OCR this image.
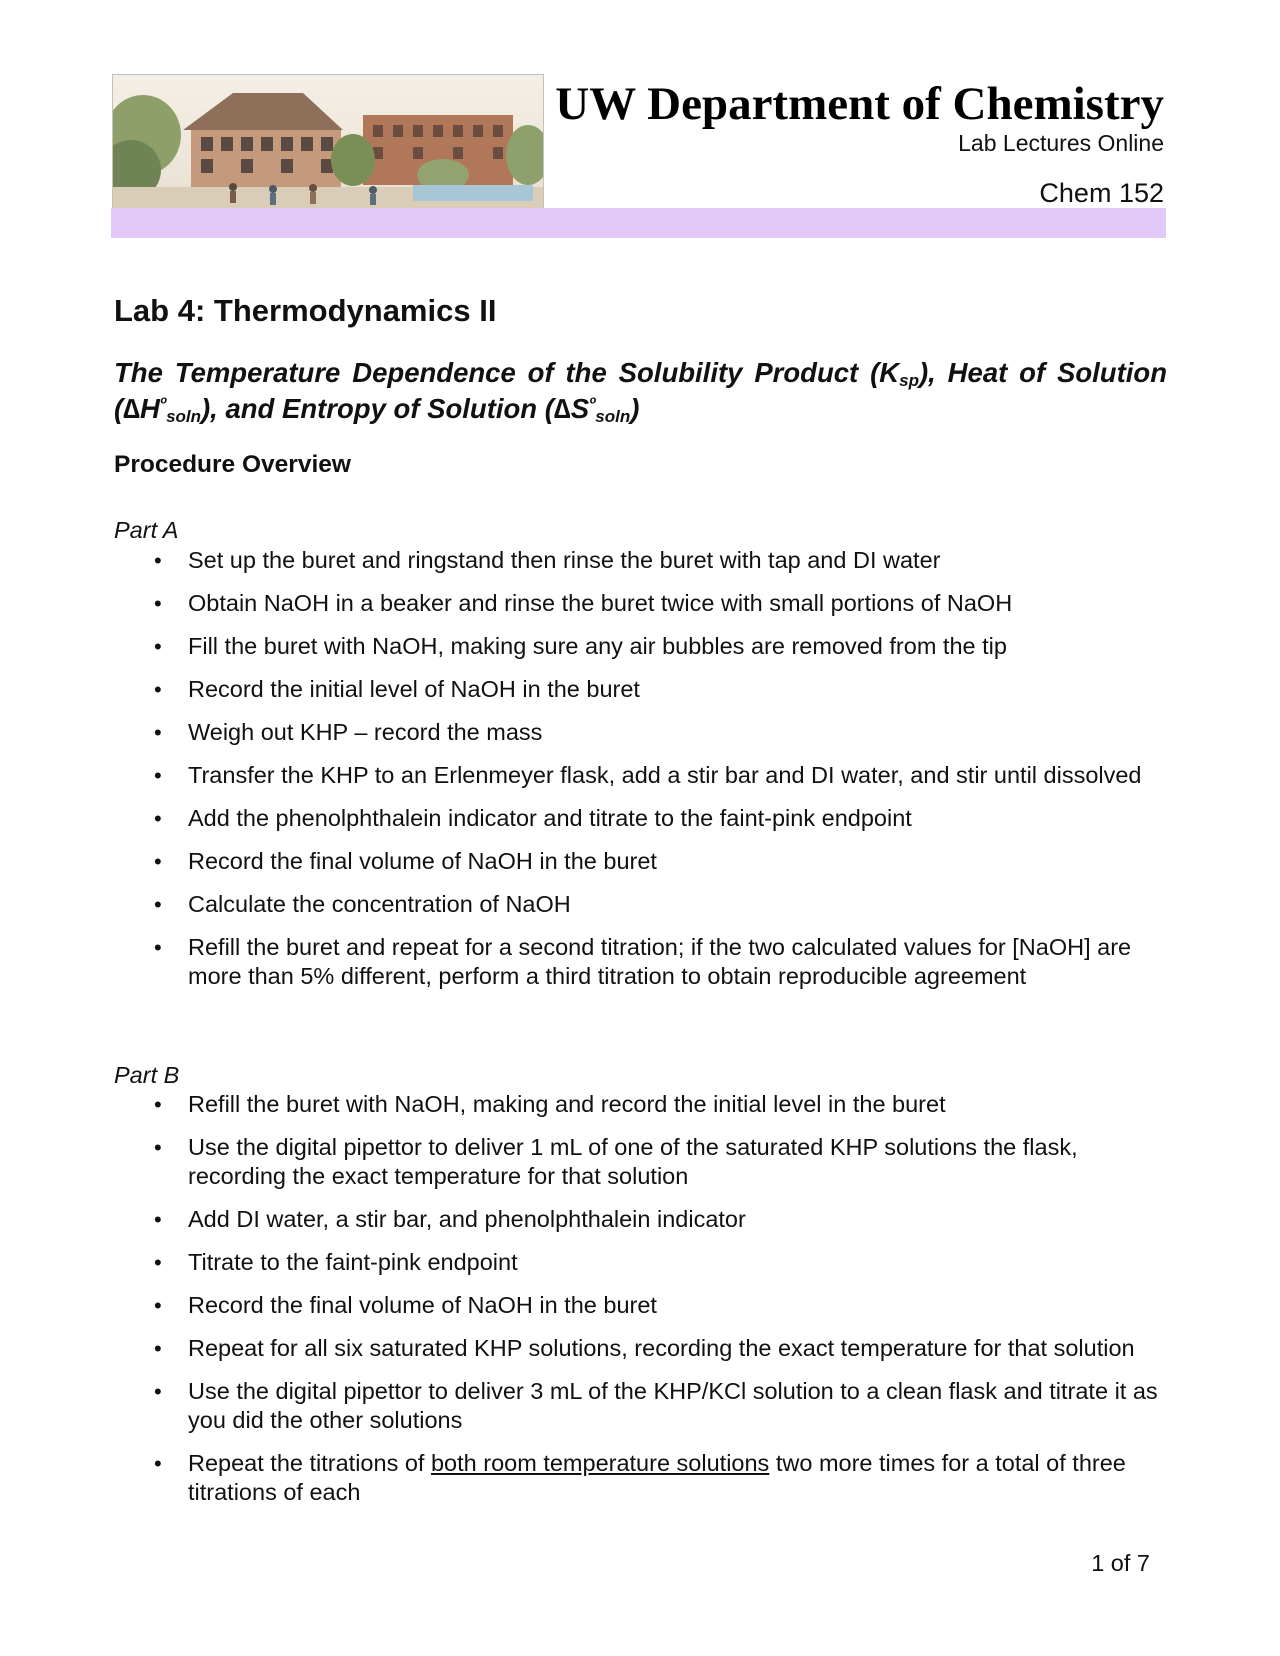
UW Department of Chemistry
Lab Lectures Online
Chem 152
Lab 4: Thermodynamics II
The Temperature Dependence of the Solubility Product $(K_{sp})$, Heat of Solution $(\Delta H^º_{soln})$, and Entropy of Solution $(\Delta S^º_{soln})$
Procedure Overview
Part A
• Set up the buret and ringstand then rinse the buret with tap and DI water
• Obtain NaOH in a beaker and rinse the buret twice with small portions of NaOH
• Fill the buret with NaOH, making sure any air bubbles are removed from the tip
• Record the initial level of NaOH in the buret
• Weigh out KHP – record the mass
• Transfer the KHP to an Erlenmeyer flask, add a stir bar and DI water, and stir until dissolved
• Add the phenolphthalein indicator and titrate to the faint-pink endpoint
• Record the final volume of NaOH in the buret
• Calculate the concentration of NaOH
• Refill the buret and repeat for a second titration; if the two calculated values for [NaOH] are more than 5% different, perform a third titration to obtain reproducible agreement
Part B
• Refill the buret with NaOH, making and record the initial level in the buret
• Use the digital pipettor to deliver 1 mL of one of the saturated KHP solutions the flask, recording the exact temperature for that solution
• Add DI water, a stir bar, and phenolphthalein indicator
• Titrate to the faint-pink endpoint
• Record the final volume of NaOH in the buret
• Repeat for all six saturated KHP solutions, recording the exact temperature for that solution
• Use the digital pipettor to deliver 3 mL of the KHP/KCl solution to a clean flask and titrate it as you did the other solutions
• Repeat the titrations of both room temperature solutions two more times for a total of three titrations of each
1 of 7
